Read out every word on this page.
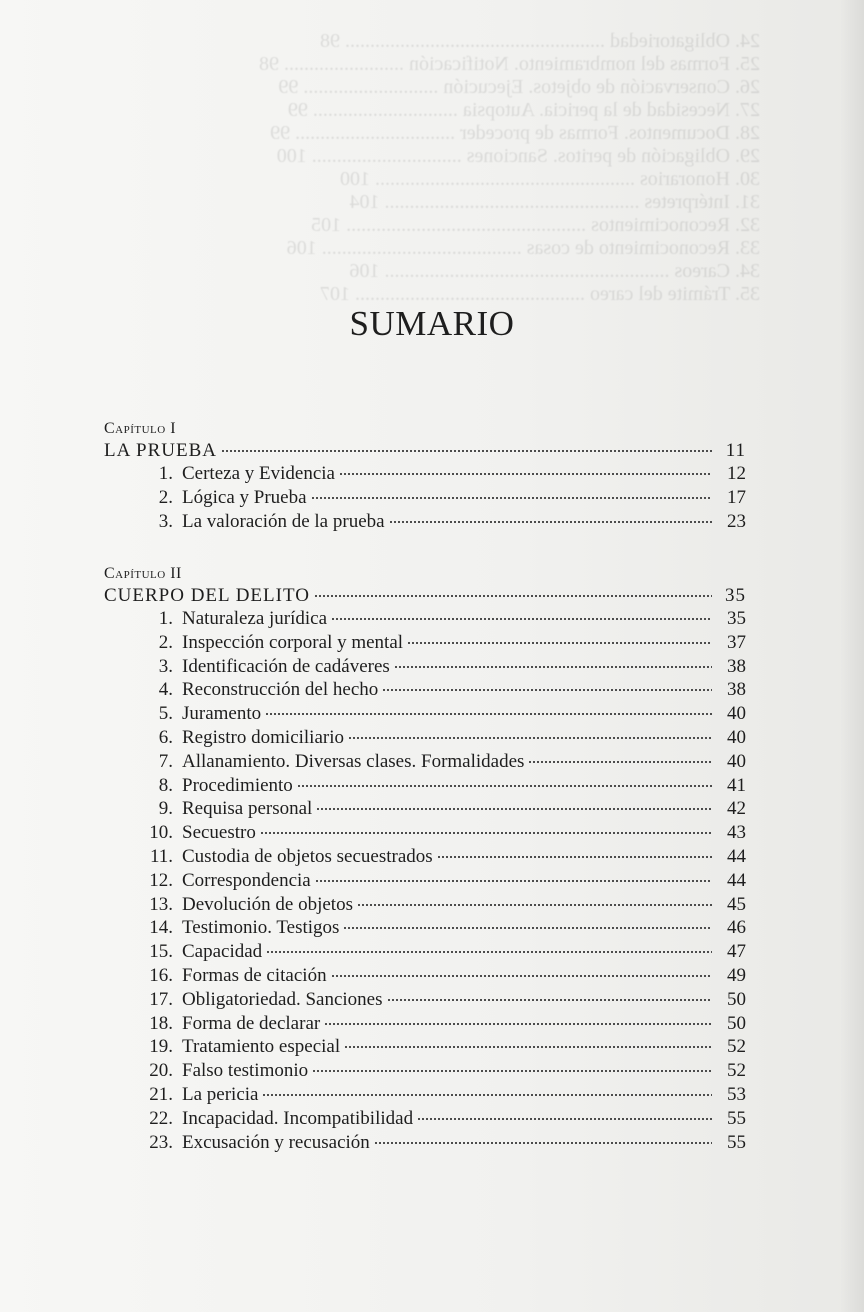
24. Obligatoriedad .................................................... 98
25. Formas del nombramiento. Notificación ........................ 98
26. Conservación de objetos. Ejecución ........................... 99
27. Necesidad de la pericia. Autopsia ............................. 99
28. Documentos. Formas de proceder ................................ 99
29. Obligación de peritos. Sanciones .............................. 100
30. Honorarios .................................................... 100
31. Intérpretes ................................................... 104
32. Reconocimientos ................................................ 105
33. Reconocimiento de cosas ........................................ 106
34. Careos ......................................................... 106
35. Trámite del careo .............................................. 107
SUMARIO
Capítulo I
LA PRUEBA	11
1. Certeza y Evidencia	12
2. Lógica y Prueba	17
3. La valoración de la prueba	23
Capítulo II
CUERPO DEL DELITO	35
1. Naturaleza jurídica	35
2. Inspección corporal y mental	37
3. Identificación de cadáveres	38
4. Reconstrucción del hecho	38
5. Juramento	40
6. Registro domiciliario	40
7. Allanamiento. Diversas clases. Formalidades	40
8. Procedimiento	41
9. Requisa personal	42
10. Secuestro	43
11. Custodia de objetos secuestrados	44
12. Correspondencia	44
13. Devolución de objetos	45
14. Testimonio. Testigos	46
15. Capacidad	47
16. Formas de citación	49
17. Obligatoriedad. Sanciones	50
18. Forma de declarar	50
19. Tratamiento especial	52
20. Falso testimonio	52
21. La pericia	53
22. Incapacidad. Incompatibilidad	55
23. Excusación y recusación	55
